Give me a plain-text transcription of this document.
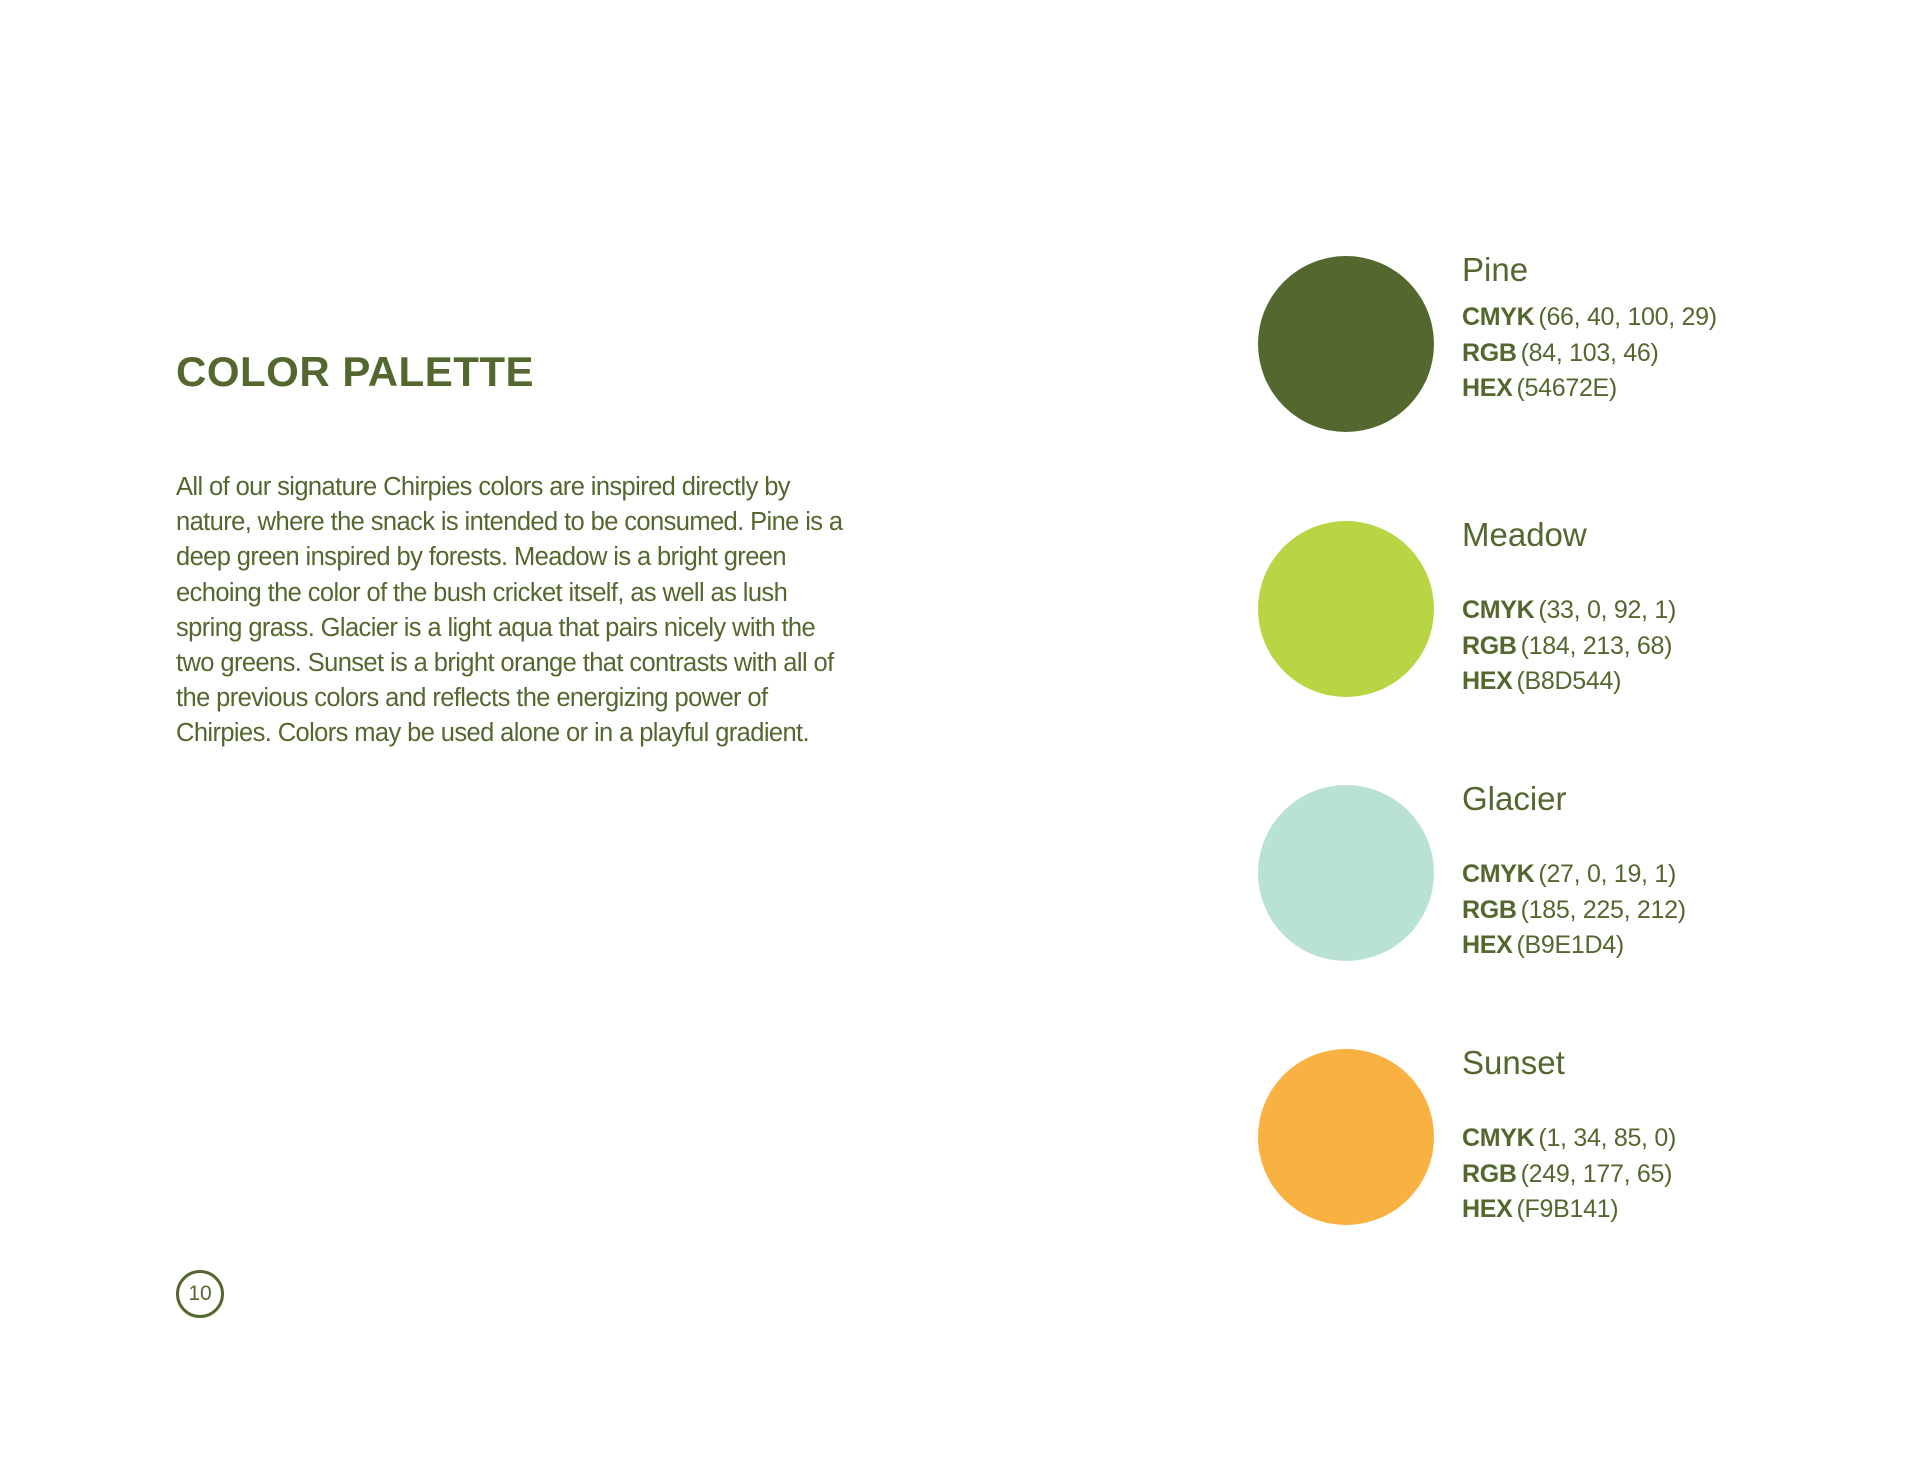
COLOR PALETTE

All of our signature Chirpies colors are inspired directly by nature, where the snack is intended to be consumed. Pine is a deep green inspired by forests. Meadow is a bright green echoing the color of the bush cricket itself, as well as lush spring grass. Glacier is a light aqua that pairs nicely with the two greens. Sunset is a bright orange that contrasts with all of the previous colors and reflects the energizing power of Chirpies. Colors may be used alone or in a playful gradient.

10
Pine
CMYK (66, 40, 100, 29)
RGB (84, 103, 46)
HEX (54672E)
Meadow
CMYK (33, 0, 92, 1)
RGB (184, 213, 68)
HEX (B8D544)
Glacier
CMYK (27, 0, 19, 1)
RGB (185, 225, 212)
HEX (B9E1D4)
Sunset
CMYK (1, 34, 85, 0)
RGB (249, 177, 65)
HEX (F9B141)
